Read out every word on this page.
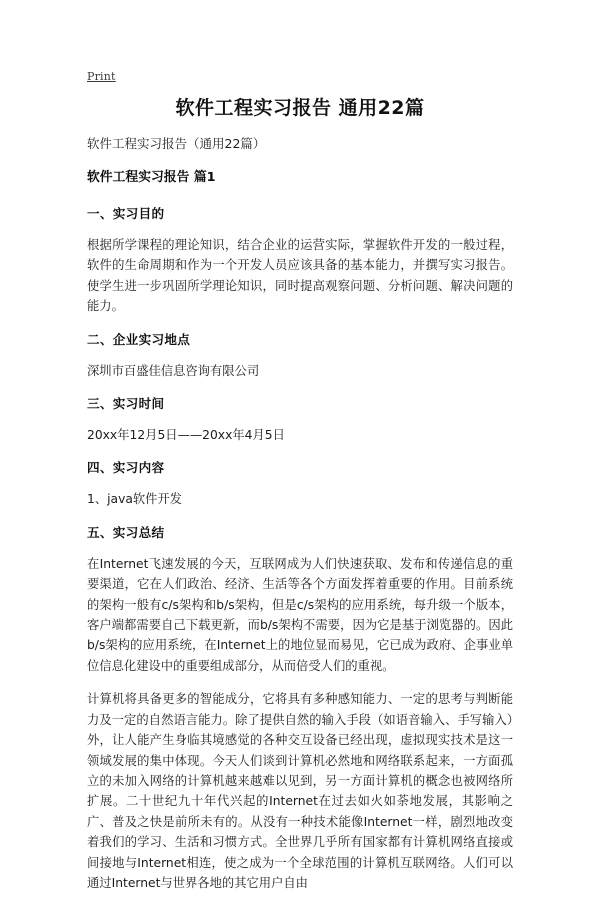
Print
软件工程实习报告 通用22篇
软件工程实习报告（通用22篇）
软件工程实习报告 篇1
一、实习目的

根据所学课程的理论知识，结合企业的运营实际，掌握软件开发的一般过程，软件的生命周期和作为一个开发人员应该具备的基本能力，并撰写实习报告。使学生进一步巩固所学理论知识，同时提高观察问题、分析问题、解决问题的能力。

二、企业实习地点

深圳市百盛佳信息咨询有限公司

三、实习时间

20xx年12月5日——20xx年4月5日

四、实习内容

1、java软件开发

五、实习总结

在Internet飞速发展的今天，互联网成为人们快速获取、发布和传递信息的重要渠道，它在人们政治、经济、生活等各个方面发挥着重要的作用。目前系统的架构一般有c/s架构和b/s架构，但是c/s架构的应用系统，每升级一个版本，客户端都需要自己下载更新，而b/s架构不需要，因为它是基于浏览器的。因此b/s架构的应用系统，在Internet上的地位显而易见，它已成为政府、企事业单位信息化建设中的重要组成部分，从而倍受人们的重视。

计算机将具备更多的智能成分，它将具有多种感知能力、一定的思考与判断能力及一定的自然语言能力。除了提供自然的输入手段（如语音输入、手写输入）外，让人能产生身临其境感觉的各种交互设备已经出现，虚拟现实技术是这一领域发展的集中体现。今天人们谈到计算机必然地和网络联系起来，一方面孤立的未加入网络的计算机越来越难以见到，另一方面计算机的概念也被网络所扩展。二十世纪九十年代兴起的Internet在过去如火如荼地发展，其影响之广、普及之快是前所未有的。从没有一种技术能像Internet一样，剧烈地改变着我们的学习、生活和习惯方式。全世界几乎所有国家都有计算机网络直接或间接地与Internet相连，使之成为一个全球范围的计算机互联网络。人们可以通过Internet与世界各地的其它用户自由
